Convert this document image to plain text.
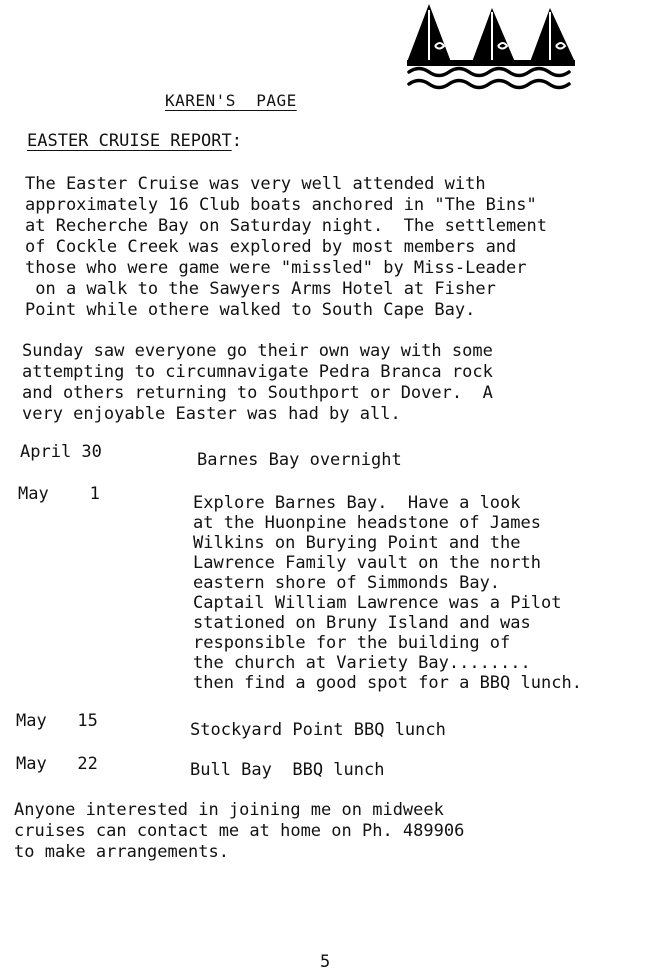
KAREN'S  PAGE
EASTER CRUISE REPORT:

The Easter Cruise was very well attended with
approximately 16 Club boats anchored in "The Bins"
at Recherche Bay on Saturday night.  The settlement
of Cockle Creek was explored by most members and
those who were game were "missled" by Miss-Leader
on a walk to the Sawyers Arms Hotel at Fisher
Point while othere walked to South Cape Bay.

Sunday saw everyone go their own way with some
attempting to circumnavigate Pedra Branca rock
and others returning to Southport or Dover.  A
very enjoyable Easter was had by all.

April 30	Barnes Bay overnight

May    1	Explore Barnes Bay.  Have a look
at the Huonpine headstone of James
Wilkins on Burying Point and the
Lawrence Family vault on the north
eastern shore of Simmonds Bay.
Captail William Lawrence was a Pilot
stationed on Bruny Island and was
responsible for the building of
the church at Variety Bay........
then find a good spot for a BBQ lunch.

May   15	Stockyard Point BBQ lunch

May   22	Bull Bay  BBQ lunch

Anyone interested in joining me on midweek
cruises can contact me at home on Ph. 489906
to make arrangements.

5
